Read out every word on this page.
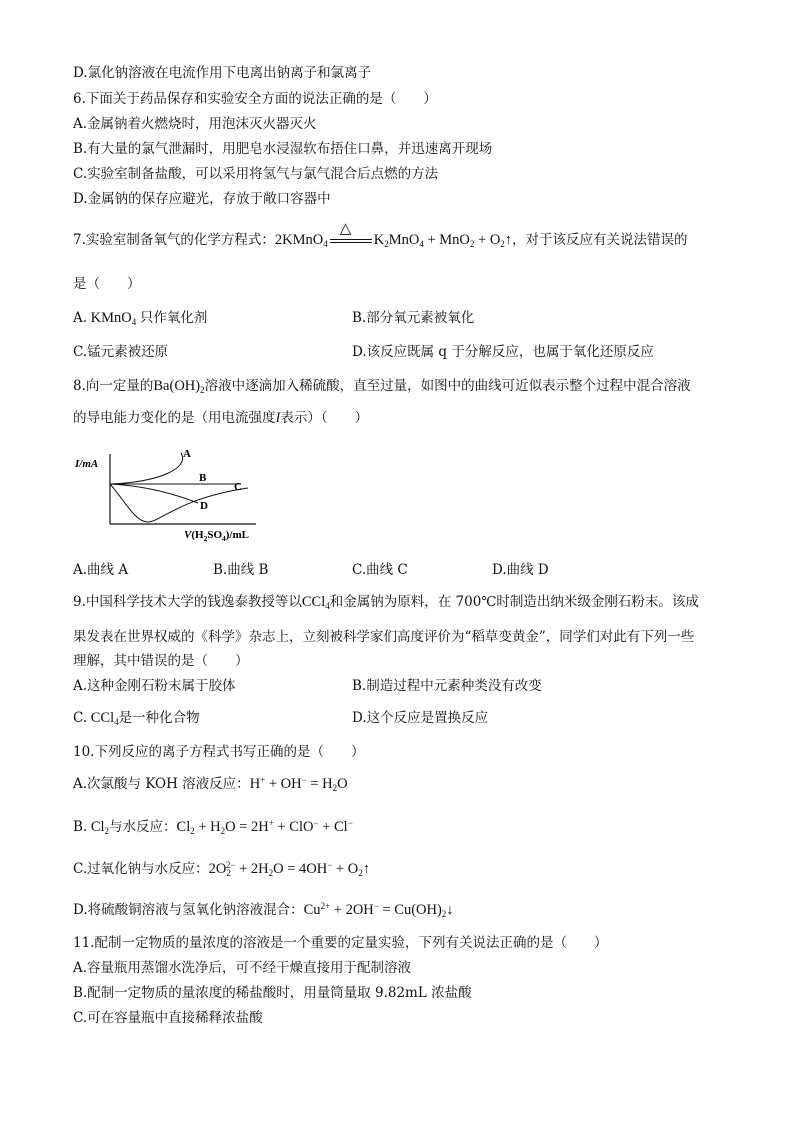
D.氯化钠溶液在电流作用下电离出钠离子和氯离子
6.下面关于药品保存和实验安全方面的说法正确的是（　　）
A.金属钠着火燃烧时，用泡沫灭火器灭火
B.有大量的氯气泄漏时，用肥皂水浸湿软布捂住口鼻，并迅速离开现场
C.实验室制备盐酸，可以采用将氢气与氯气混合后点燃的方法
D.金属钠的保存应避光，存放于敞口容器中
7.实验室制备氧气的化学方程式：2KMnO$_4$
△
$K_2MnO_4 + MnO_2$ + $O_2↑$，对于该反应有关说法错误的
是（　　）
A. KMnO$_4$ 只作氧化剂	B.部分氧元素被氧化
C.锰元素被还原	D.该反应既属 q 于分解反应，也属于氧化还原反应
8.向一定量的$Ba(OH)_2$溶液中逐滴加入稀硫酸，直至过量，如图中的曲线可近似表示整个过程中混合溶液
的导电能力变化的是（用电流强度I表示）（　　）
I/mA
$V(H_2SO_4)/mL$
A
B
C
D
A.曲线 A	B.曲线 B	C.曲线 C	D.曲线 D
9.中国科学技术大学的钱逸泰教授等以CCl$_4$和金属钠为原料，在 700℃时制造出纳米级金刚石粉末。该成
果发表在世界权威的《科学》杂志上，立刻被科学家们高度评价为“稻草变黄金”，同学们对此有下列一些
理解，其中错误的是（　　）
A.这种金刚石粉末属于胶体	B.制造过程中元素种类没有改变
C. CCl$_4$是一种化合物	D.这个反应是置换反应
10.下列反应的离子方程式书写正确的是（　　）
A.次氯酸与 KOH 溶液反应：$H^+ + OH^- = H_2O$
B. $Cl_2$与水反应：$Cl_2 + H_2O = 2H^+ + ClO^- + Cl^-$
C.过氧化钠与水反应：$2O_2^{2-} + 2H_2O = 4OH^-$ + $O_2↑$
D.将硫酸铜溶液与氢氧化钠溶液混合：$Cu^{2+} + 2OH^-$ = $Cu(OH)_2↓$
11.配制一定物质的量浓度的溶液是一个重要的定量实验，下列有关说法正确的是（　　）
A.容量瓶用蒸馏水洗净后，可不经干燥直接用于配制溶液
B.配制一定物质的量浓度的稀盐酸时，用量筒量取 9.82mL 浓盐酸
C.可在容量瓶中直接稀释浓盐酸
